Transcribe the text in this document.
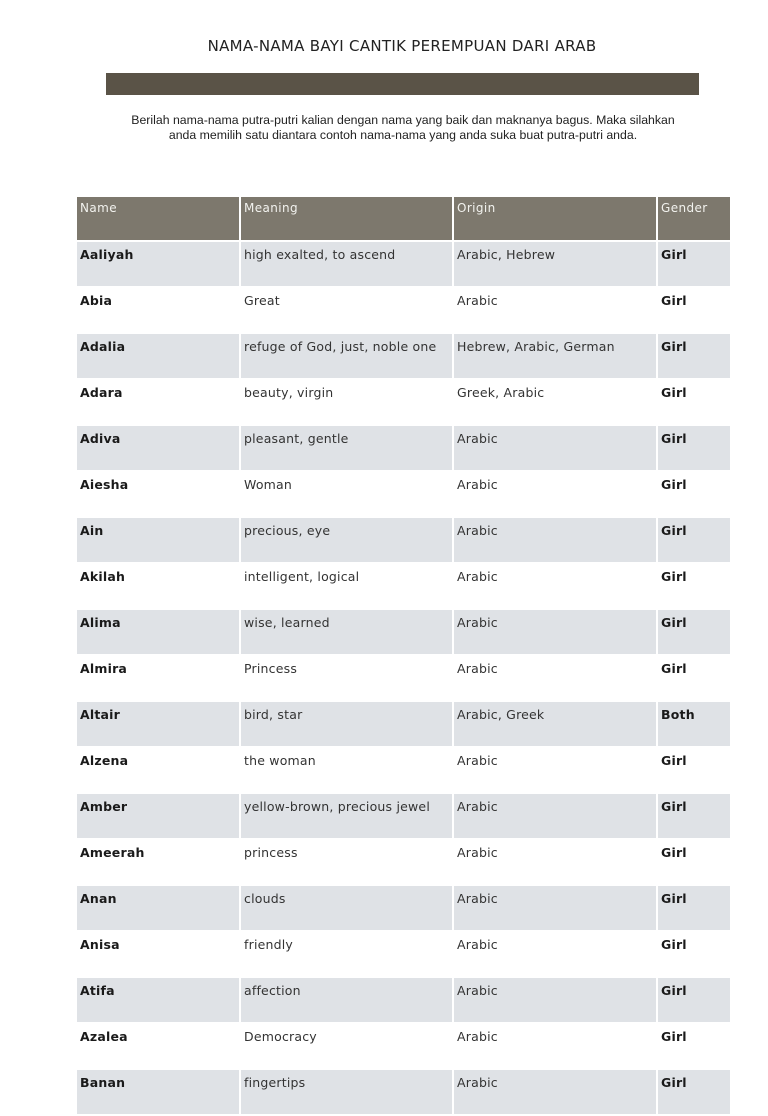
NAMA-NAMA BAYI CANTIK PEREMPUAN DARI ARAB
Berilah nama-nama putra-putri kalian dengan nama yang baik dan maknanya bagus. Maka silahkan anda memilih satu diantara contoh nama-nama yang anda suka buat putra-putri anda.
Name	Meaning	Origin	Gender
Aaliyah	high exalted, to ascend	Arabic, Hebrew	Girl
Abia	Great	Arabic	Girl
Adalia	refuge of God, just, noble one	Hebrew, Arabic, German	Girl
Adara	beauty, virgin	Greek, Arabic	Girl
Adiva	pleasant, gentle	Arabic	Girl
Aiesha	Woman	Arabic	Girl
Ain	precious, eye	Arabic	Girl
Akilah	intelligent, logical	Arabic	Girl
Alima	wise, learned	Arabic	Girl
Almira	Princess	Arabic	Girl
Altair	bird, star	Arabic, Greek	Both
Alzena	the woman	Arabic	Girl
Amber	yellow-brown, precious jewel	Arabic	Girl
Ameerah	princess	Arabic	Girl
Anan	clouds	Arabic	Girl
Anisa	friendly	Arabic	Girl
Atifa	affection	Arabic	Girl
Azalea	Democracy	Arabic	Girl
Banan	fingertips	Arabic	Girl
